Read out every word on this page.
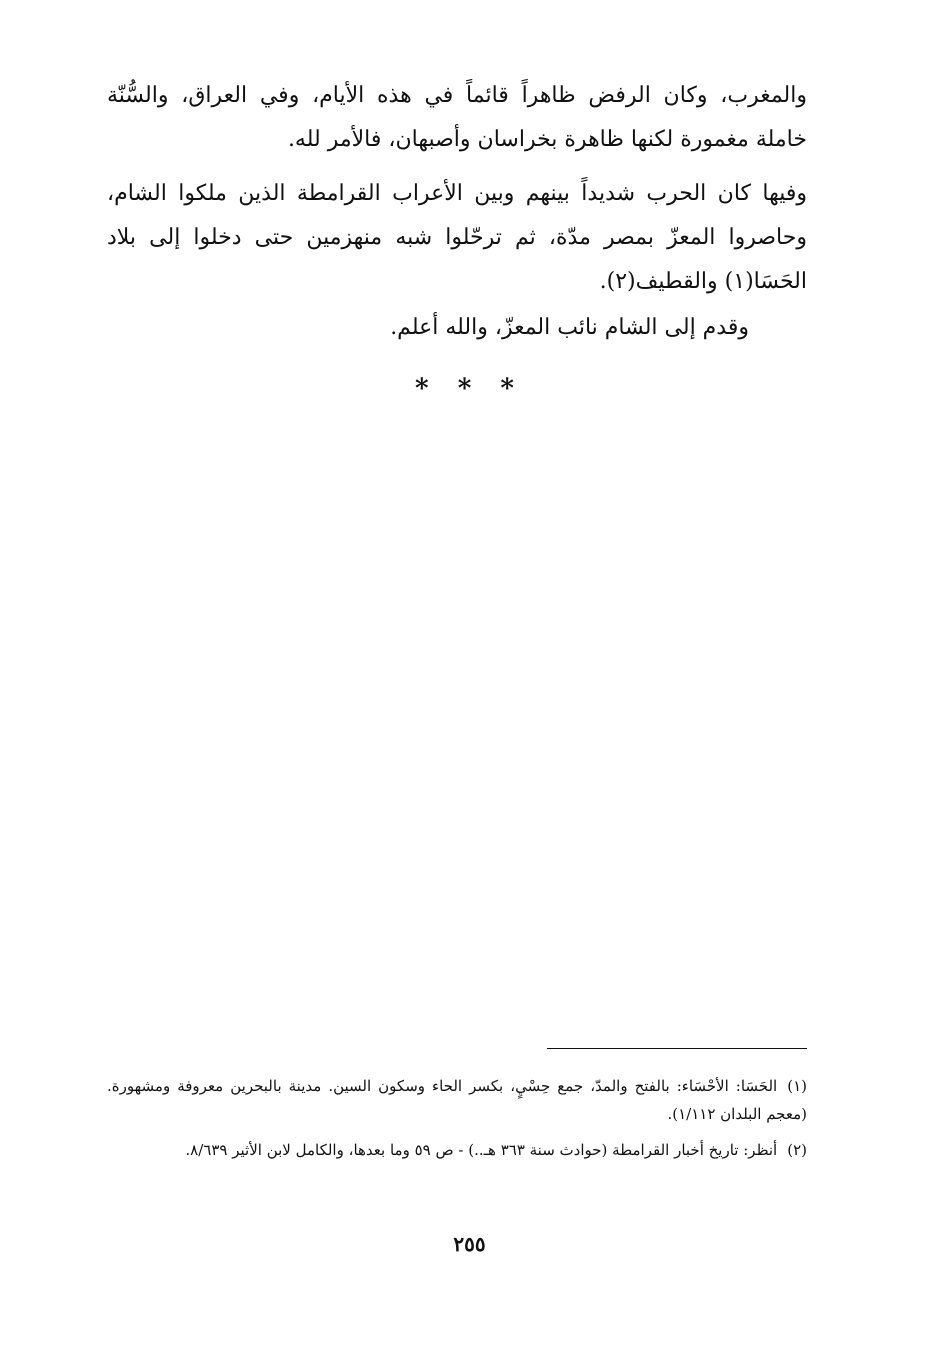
والمغرب، وكان الرفض ظاهراً قائماً في هذه الأيام، وفي العراق، والسُّنّة خاملة مغمورة لكنها ظاهرة بخراسان وأصبهان، فالأمر لله.

وفيها كان الحرب شديداً بينهم وبين الأعراب القرامطة الذين ملكوا الشام، وحاصروا المعزّ بمصر مدّة، ثم ترحّلوا شبه منهزمين حتى دخلوا إلى بلاد الحَسَا(١) والقطيف(٢).

وقدم إلى الشام نائب المعزّ، والله أعلم.

* * *

(١)الحَسَا: الأحْسَاء: بالفتح والمدّ، جمع حِسْيٍ، بكسر الحاء وسكون السين. مدينة بالبحرين معروفة ومشهورة. (معجم البلدان ١/١١٢).

(٢)أنظر: تاريخ أخبار القرامطة (حوادث سنة ٣٦٣ هـ..) - ص ٥٩ وما بعدها، والكامل لابن الأثير ٨/٦٣٩.

٢٥٥
